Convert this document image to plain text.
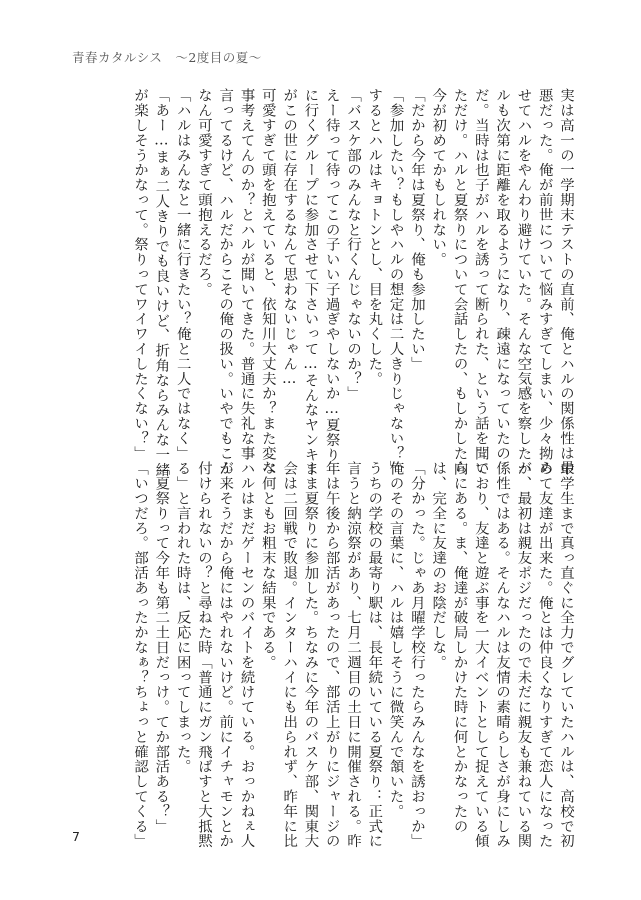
青春カタルシス　〜2度目の夏〜

実は高一の一学期末テストの直前、俺とハルの関係性は最

悪だった。俺が前世について悩みすぎてしまい、少々拗ら

せてハルをやんわり避けていた。そんな空気感を察したハ

ルも次第に距離を取るようになり、疎遠になっていたの

だ。当時は也子がハルを誘って断られた、という話を聞い

ただけ。ハルと夏祭りについて会話したの、もしかしたら

今が初めてかもしれない。

「だから今年は夏祭り、俺も参加したい」

「参加したい？もしやハルの想定は二人きりじゃない？」

するとハルはキョトンとし、目を丸くした。

「バスケ部のみんなと行くんじゃないのか？」

えー待って待ってこの子いい子過ぎやしないか…夏祭り

に行くグループに参加させて下さいって…そんなヤンキー

がこの世に存在するなんて思わないじゃん…

可愛すぎて頭を抱えていると、依知川大丈夫か？また変な

事考えてんのか？とハルが聞いてきた。普通に失礼な事

言ってるけど、ハルだからこその俺の扱い。いやでもこん

なん可愛すぎて頭抱えるだろ。

「ハルはみんなと一緒に行きたい？俺と二人ではなく」

「あー…まぁ二人きりでも良いけど、折角ならみんな一緒

が楽しそうかなって。祭りってワイワイしたくない？」

中学生まで真っ直ぐに全力でグレていたハルは、高校で初

めて友達が出来た。俺とは仲良くなりすぎて恋人になった

が、最初は親友ポジだったので未だに親友も兼ねている関

係性ではある。そんなハルは友情の素晴らしさが身にしみ

ており、友達と遊ぶ事を一大イベントとして捉えている傾

向にある。ま、俺達が破局しかけた時に何とかなったの

は、完全に友達のお陰だしな。

「分かった。じゃあ月曜学校行ったらみんなを誘おっか」

俺のその言葉に、ハルは嬉しそうに微笑んで頷いた。

うちの学校の最寄り駅は、長年続いている夏祭り：正式に

言うと納涼祭があり、七月二週目の土日に開催される。昨

年は午後から部活があったので、部活上がりにジャージの

まま夏祭りに参加した。ちなみに今年のバスケ部、関東大

会は二回戦で敗退。インターハイにも出られず、昨年に比

べ何ともお粗末な結果である。

ハルはまだゲーセンのバイトを続けている。おっかねぇ人

が来そうだから俺にはやれないけど。前にイチャモンとか

付けられないの？と尋ねた時「普通にガン飛ばすと大抵黙

る」と言われた時は、反応に困ってしまった。

「夏祭りって今年も第二土日だっけ。てか部活ある？」

「いつだろ。部活あったかなぁ？ちょっと確認してくる」

7
